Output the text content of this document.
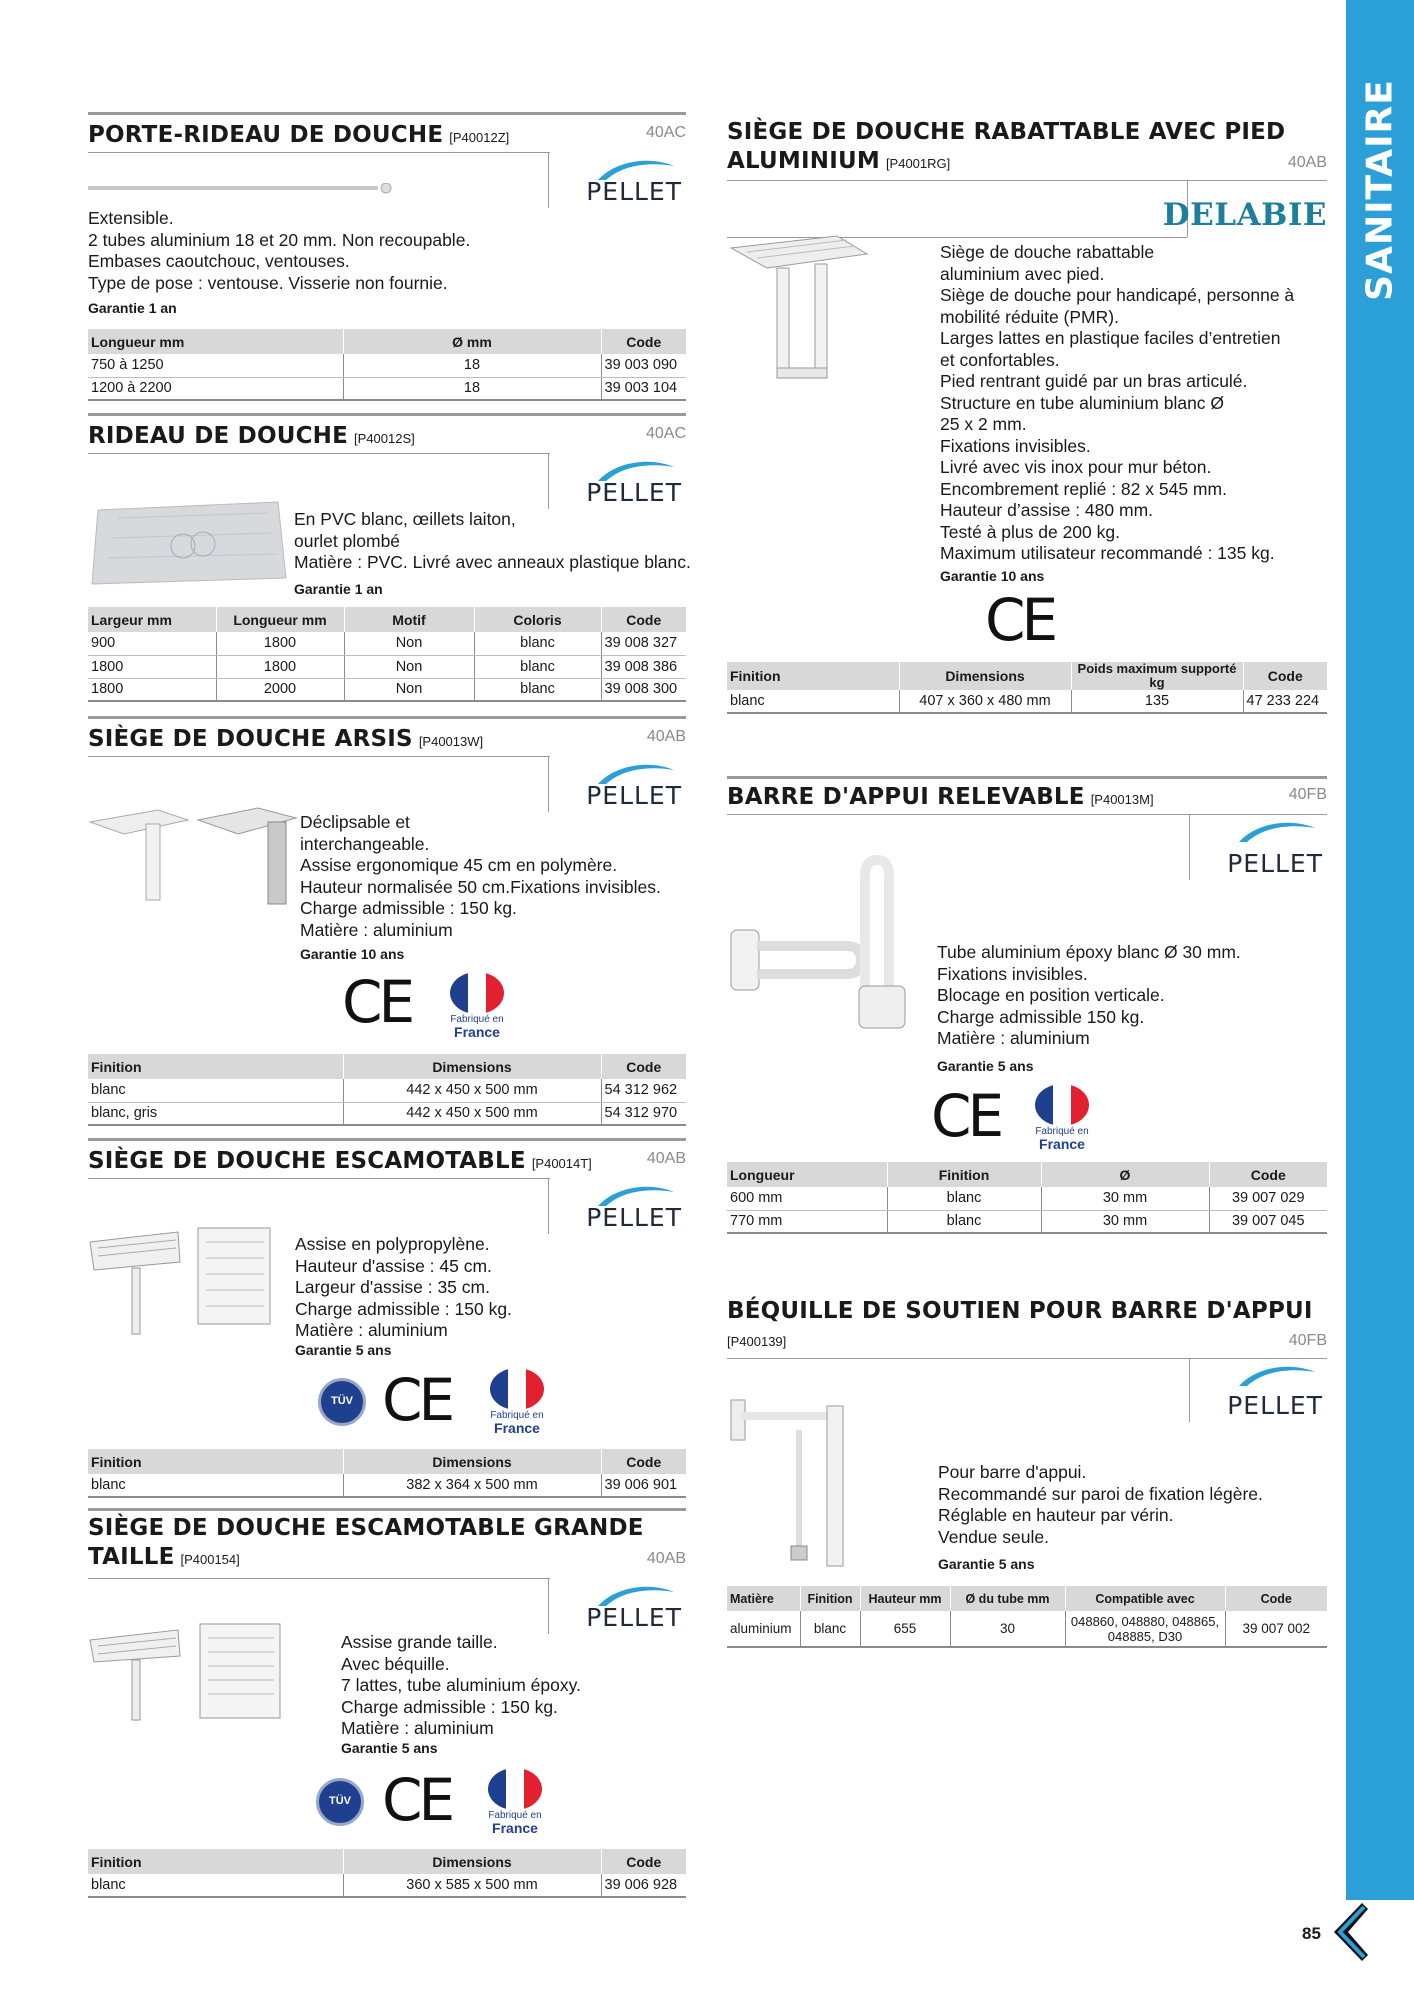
SANITAIRE
PORTE-RIDEAU DE DOUCHE [P40012Z]	40AC
PELLET
Extensible.
2 tubes aluminium 18 et 20 mm. Non recoupable.
Embases caoutchouc, ventouses.
Type de pose : ventouse. Visserie non fournie.
Garantie 1 an
Longueur mm	Ø mm	Code
750 à 1250	18	39 003 090
1200 à 2200	18	39 003 104
RIDEAU DE DOUCHE [P40012S]	40AC
PELLET
En PVC blanc, œillets laiton,
ourlet plombé
Matière : PVC. Livré avec anneaux plastique blanc.
Garantie 1 an
Largeur mm	Longueur mm	Motif	Coloris	Code
900	1800	Non	blanc	39 008 327
1800	1800	Non	blanc	39 008 386
1800	2000	Non	blanc	39 008 300
SIÈGE DE DOUCHE ARSIS [P40013W]	40AB
PELLET
Déclipsable et
interchangeable.
Assise ergonomique 45 cm en polymère.
Hauteur normalisée 50 cm.Fixations invisibles.
Charge admissible : 150 kg.
Matière : aluminium
Garantie 10 ans
CE	Fabriqué en
France
Finition	Dimensions	Code
blanc	442 x 450 x 500 mm	54 312 962
blanc, gris	442 x 450 x 500 mm	54 312 970
SIÈGE DE DOUCHE ESCAMOTABLE [P40014T]	40AB
PELLET
Assise en polypropylène.
Hauteur d'assise : 45 cm.
Largeur d'assise : 35 cm.
Charge admissible : 150 kg.
Matière : aluminium
Garantie 5 ans
TÜV CE	Fabriqué en
France
Finition	Dimensions	Code
blanc	382 x 364 x 500 mm	39 006 901
SIÈGE DE DOUCHE ESCAMOTABLE GRANDE TAILLE [P400154]	40AB
PELLET
Assise grande taille.
Avec béquille.
7 lattes, tube aluminium époxy.
Charge admissible : 150 kg.
Matière : aluminium
Garantie 5 ans
TÜV CE	Fabriqué en
France
Finition	Dimensions	Code
blanc	360 x 585 x 500 mm	39 006 928
SIÈGE DE DOUCHE RABATTABLE AVEC PIED ALUMINIUM [P4001RG]	40AB
DELABIE
Siège de douche rabattable
aluminium avec pied.
Siège de douche pour handicapé, personne à
mobilité réduite (PMR).
Larges lattes en plastique faciles d’entretien
et confortables.
Pied rentrant guidé par un bras articulé.
Structure en tube aluminium blanc Ø
25 x 2 mm.
Fixations invisibles.
Livré avec vis inox pour mur béton.
Encombrement replié : 82 x 545 mm.
Hauteur d’assise : 480 mm.
Testé à plus de 200 kg.
Maximum utilisateur recommandé : 135 kg.
Garantie 10 ans
CE
Finition	Dimensions	Poids maximum supporté kg	Code
blanc	407 x 360 x 480 mm	135	47 233 224
BARRE D'APPUI RELEVABLE [P40013M]	40FB
PELLET
Tube aluminium époxy blanc Ø 30 mm.
Fixations invisibles.
Blocage en position verticale.
Charge admissible 150 kg.
Matière : aluminium
Garantie 5 ans
CE	Fabriqué en
France
Longueur	Finition	Ø	Code
600 mm	blanc	30 mm	39 007 029
770 mm	blanc	30 mm	39 007 045
BÉQUILLE DE SOUTIEN POUR BARRE D'APPUI
[P400139]	40FB
PELLET
Pour barre d'appui.
Recommandé sur paroi de fixation légère.
Réglable en hauteur par vérin.
Vendue seule.
Garantie 5 ans
Matière	Finition	Hauteur mm	Ø du tube mm	Compatible avec	Code
aluminium	blanc	655	30	048860, 048880, 048865, 048885, D30	39 007 002
85
